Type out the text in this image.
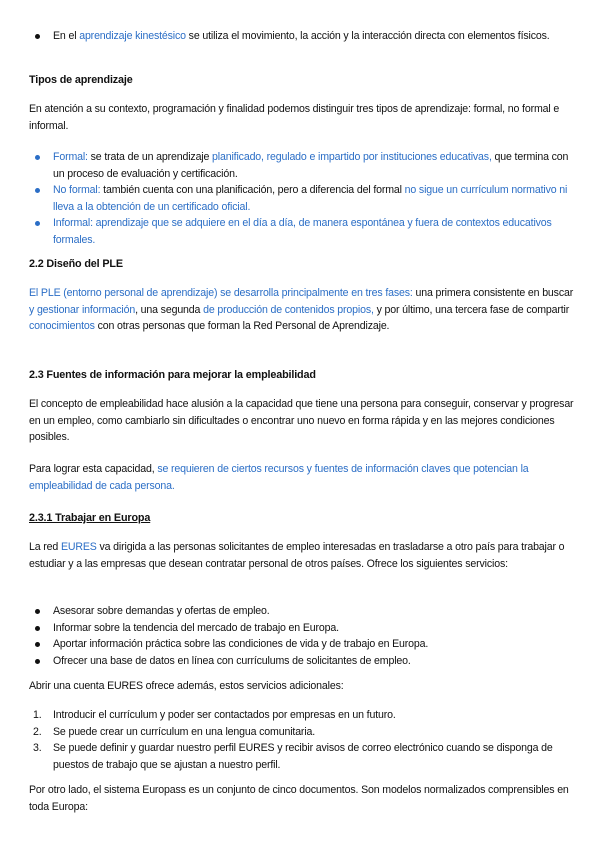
En el aprendizaje kinestésico se utiliza el movimiento, la acción y la interacción directa con elementos físicos.
Tipos de aprendizaje

En atención a su contexto, programación y finalidad podemos distinguir tres tipos de aprendizaje: formal, no formal e informal.

Formal: se trata de un aprendizaje planificado, regulado e impartido por instituciones educativas, que termina con un proceso de evaluación y certificación.
No formal: también cuenta con una planificación, pero a diferencia del formal no sigue un currículum normativo ni lleva a la obtención de un certificado oficial.
Informal: aprendizaje que se adquiere en el día a día, de manera espontánea y fuera de contextos educativos formales.
2.2 Diseño del PLE

El PLE (entorno personal de aprendizaje) se desarrolla principalmente en tres fases: una primera consistente en buscar y gestionar información, una segunda de producción de contenidos propios, y por último, una tercera fase de compartir conocimientos con otras personas que forman la Red Personal de Aprendizaje.

2.3 Fuentes de información para mejorar la empleabilidad

El concepto de empleabilidad hace alusión a la capacidad que tiene una persona para conseguir, conservar y progresar en un empleo, como cambiarlo sin dificultades o encontrar uno nuevo en forma rápida y en las mejores condiciones posibles.

Para lograr esta capacidad, se requieren de ciertos recursos y fuentes de información claves que potencian la empleabilidad de cada persona.

2.3.1 Trabajar en Europa

La red EURES va dirigida a las personas solicitantes de empleo interesadas en trasladarse a otro país para trabajar o estudiar y a las empresas que desean contratar personal de otros países. Ofrece los siguientes servicios:

Asesorar sobre demandas y ofertas de empleo.
Informar sobre la tendencia del mercado de trabajo en Europa.
Aportar información práctica sobre las condiciones de vida y de trabajo en Europa.
Ofrecer una base de datos en línea con currículums de solicitantes de empleo.

Abrir una cuenta EURES ofrece además, estos servicios adicionales:

1. Introducir el currículum y poder ser contactados por empresas en un futuro.
2. Se puede crear un currículum en una lengua comunitaria.
3. Se puede definir y guardar nuestro perfil EURES y recibir avisos de correo electrónico cuando se disponga de puestos de trabajo que se ajustan a nuestro perfil.

Por otro lado, el sistema Europass es un conjunto de cinco documentos. Son modelos normalizados comprensibles en toda Europa:
